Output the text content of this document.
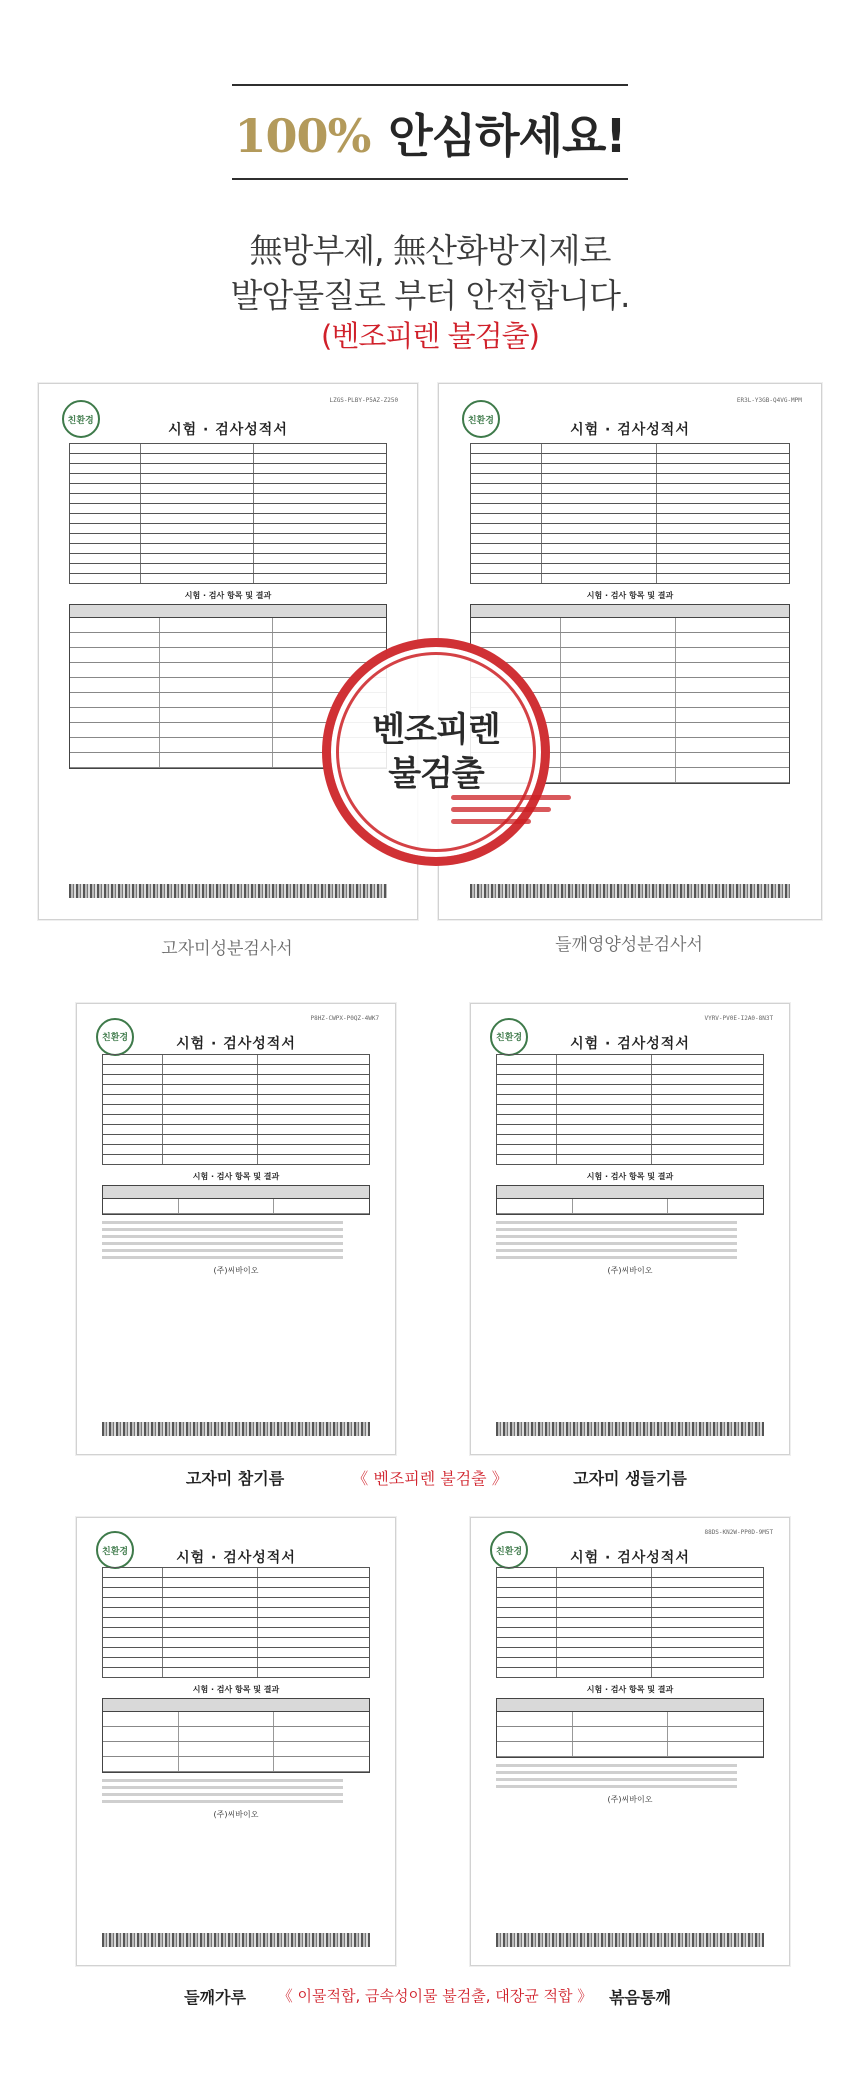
100% 안심하세요!
無방부제, 無산화방지제로
발암물질로 부터 안전합니다.
(벤조피렌 불검출)
친환경
LZGS-PLBY-P5AZ-Z250
시험 · 검사성적서
시험 · 검사 항목 및 결과
친환경
ER3L-Y3GB-Q4VG-MPM
시험 · 검사성적서
시험 · 검사 항목 및 결과
벤조피렌
불검출
고자미성분검사서	들깨영양성분검사서
친환경
P8HZ-CWPX-P0QZ-4WK7
시험 · 검사성적서
시험 · 검사 항목 및 결과
(주)씨바이오
친환경
VYRV-PV0E-I2A0-8N3T
시험 · 검사성적서
시험 · 검사 항목 및 결과
(주)씨바이오
고자미 참기름	《 벤조피렌 불검출 》	고자미 생들기름
친환경	시험 · 검사성적서
시험 · 검사 항목 및 결과
(주)씨바이오
친환경
88DS-KN2W-PP0D-9M5T
시험 · 검사성적서
시험 · 검사 항목 및 결과
(주)씨바이오
들깨가루	《 이물적합, 금속성이물 불검출, 대장균 적합 》	볶음통깨
